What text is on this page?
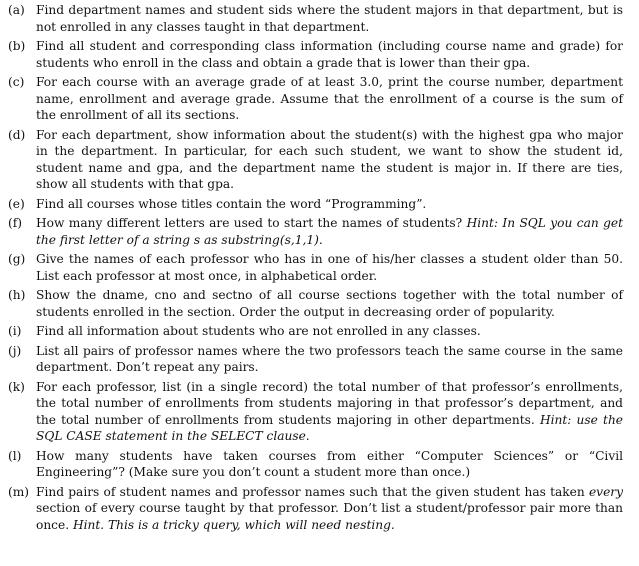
(a) Find department names and student sids where the student majors in that department, but is not enrolled in any classes taught in that department.
(b) Find all student and corresponding class information (including course name and grade) for students who enroll in the class and obtain a grade that is lower than their gpa.
(c) For each course with an average grade of at least 3.0, print the course number, department name, enrollment and average grade. Assume that the enrollment of a course is the sum of the enrollment of all its sections.
(d) For each department, show information about the student(s) with the highest gpa who major in the department. In particular, for each such student, we want to show the student id, student name and gpa, and the department name the student is major in. If there are ties, show all students with that gpa.
(e) Find all courses whose titles contain the word “Programming”.
(f)	How many different letters are used to start the names of students? Hint: In SQL you can get the first letter of a string s as substring(s,1,1).
(g) Give the names of each professor who has in one of his/her classes a student older than 50. List each professor at most once, in alphabetical order.
(h) Show the dname, cno and sectno of all course sections together with the total number of students enrolled in the section. Order the output in decreasing order of popularity.
(i)	Find all information about students who are not enrolled in any classes.
(j)	List all pairs of professor names where the two professors teach the same course in the same department. Don’t repeat any pairs.
(k) For each professor, list (in a single record) the total number of that professor’s enrollments, the total number of enrollments from students majoring in that professor’s department, and the total number of enrollments from students majoring in other departments. Hint: use the SQL CASE statement in the SELECT clause.
(l)	How many students have taken courses from either “Computer Sciences” or “Civil Engineering”? (Make sure you don’t count a student more than once.)
(m) Find pairs of student names and professor names such that the given student has taken every section of every course taught by that professor. Don’t list a student/professor pair more than once. Hint. This is a tricky query, which will need nesting.
